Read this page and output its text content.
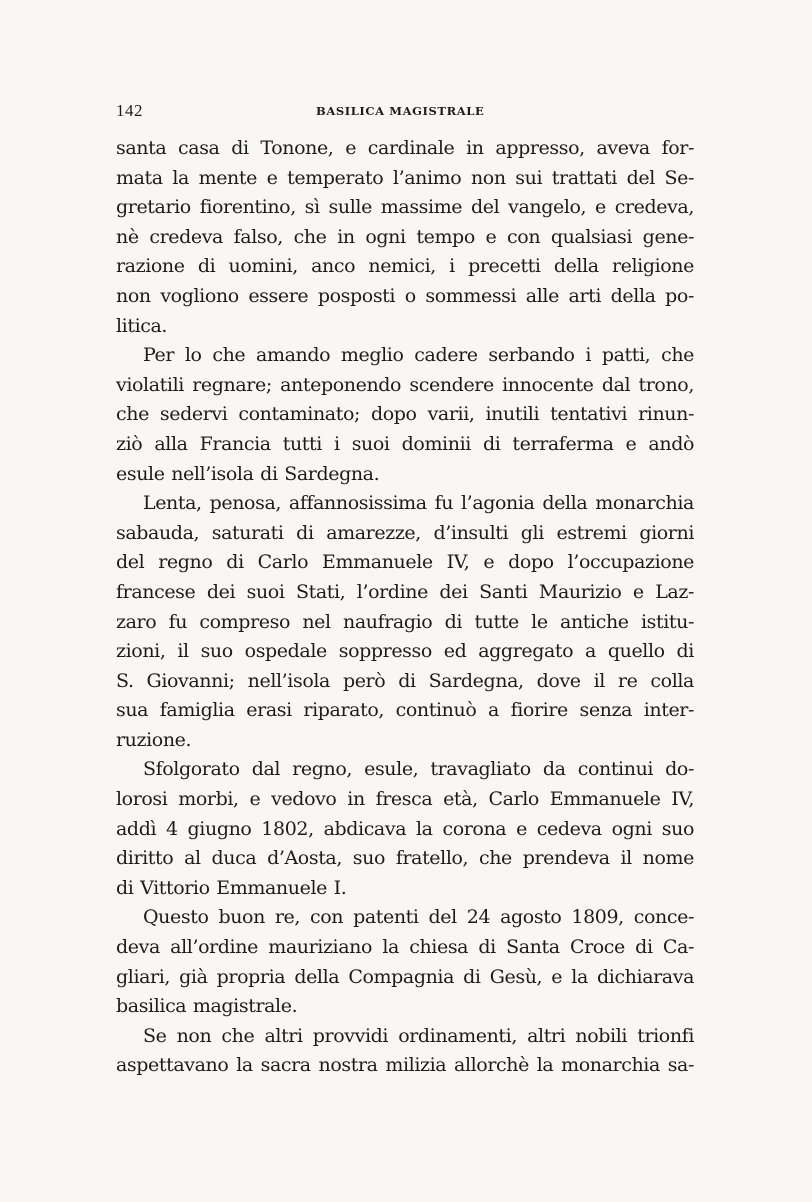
142	BASILICA MAGISTRALE
santa casa di Tonone, e cardinale in appresso, aveva for-
mata la mente e temperato l’animo non sui trattati del Se-
gretario fiorentino, sì sulle massime del vangelo, e credeva,
nè credeva falso, che in ogni tempo e con qualsiasi gene-
razione di uomini, anco nemici, i precetti della religione
non vogliono essere posposti o sommessi alle arti della po-
litica.
Per lo che amando meglio cadere serbando i patti, che
violatili regnare; anteponendo scendere innocente dal trono,
che sedervi contaminato; dopo varii, inutili tentativi rinun-
ziò alla Francia tutti i suoi dominii di terraferma e andò
esule nell’isola di Sardegna.
Lenta, penosa, affannosissima fu l’agonia della monarchia
sabauda, saturati di amarezze, d’insulti gli estremi giorni
del regno di Carlo Emmanuele IV, e dopo l’occupazione
francese dei suoi Stati, l’ordine dei Santi Maurizio e Laz-
zaro fu compreso nel naufragio di tutte le antiche istitu-
zioni, il suo ospedale soppresso ed aggregato a quello di
S. Giovanni; nell’isola però di Sardegna, dove il re colla
sua famiglia erasi riparato, continuò a fiorire senza inter-
ruzione.
Sfolgorato dal regno, esule, travagliato da continui do-
lorosi morbi, e vedovo in fresca età, Carlo Emmanuele IV,
addì 4 giugno 1802, abdicava la corona e cedeva ogni suo
diritto al duca d’Aosta, suo fratello, che prendeva il nome
di Vittorio Emmanuele I.
Questo buon re, con patenti del 24 agosto 1809, conce-
deva all’ordine mauriziano la chiesa di Santa Croce di Ca-
gliari, già propria della Compagnia di Gesù, e la dichiarava
basilica magistrale.
Se non che altri provvidi ordinamenti, altri nobili trionfi
aspettavano la sacra nostra milizia allorchè la monarchia sa-
